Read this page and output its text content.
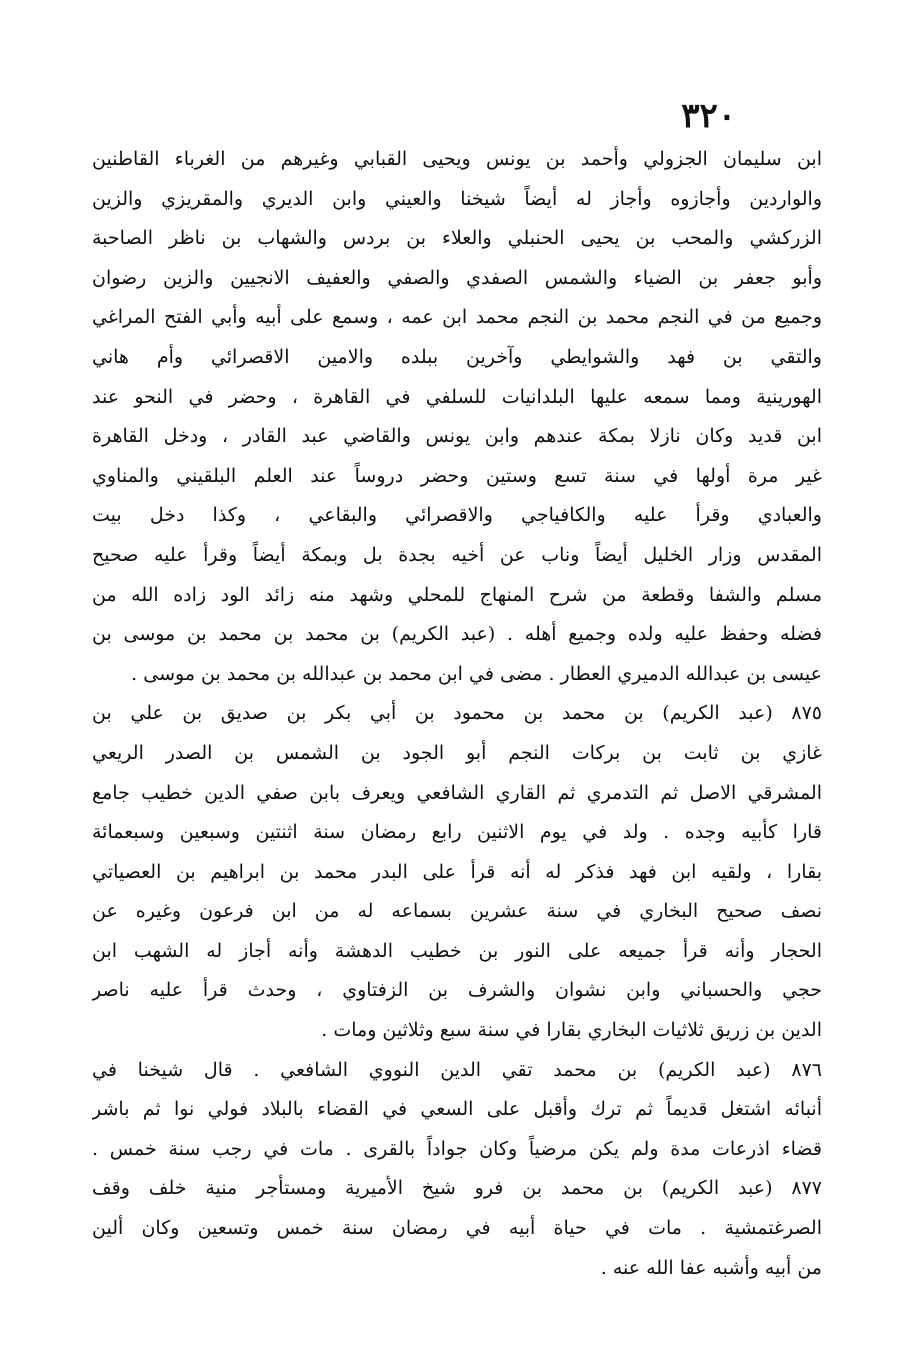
٣٢٠
ابن سليمان الجزولي وأحمد بن يونس ويحيى القبابي وغيرهم من الغرباء القاطنين
والواردين وأجازوه وأجاز له أيضاً شيخنا والعيني وابن الديري والمقريزي والزين
الزركشي والمحب بن يحيى الحنبلي والعلاء بن بردس والشهاب بن ناظر الصاحبة
وأبو جعفر بن الضياء والشمس الصفدي والصفي والعفيف الانجيين والزين رضوان
وجميع من في النجم محمد بن النجم محمد ابن عمه ، وسمع على أبيه وأبي الفتح المراغي
والتقي بن فهد والشوايطي وآخرين ببلده والامين الاقصرائي وأم هاني
الهورينية ومما سمعه عليها البلدانيات للسلفي في القاهرة ، وحضر في النحو عند
ابن قديد وكان نازلا بمكة عندهم وابن يونس والقاضي عبد القادر ، ودخل القاهرة
غير مرة أولها في سنة تسع وستين وحضر دروساً عند العلم البلقيني والمناوي
والعبادي وقرأ عليه والكافياجي والاقصرائي والبقاعي ، وكذا دخل بيت
المقدس وزار الخليل أيضاً وناب عن أخيه بجدة بل وبمكة أيضاً وقرأ عليه صحيح
مسلم والشفا وقطعة من شرح المنهاج للمحلي وشهد منه زائد الود زاده الله من
فضله وحفظ عليه ولده وجميع أهله . (عبد الكريم) بن محمد بن محمد بن موسى بن
عيسى بن عبدالله الدميري العطار . مضى في ابن محمد بن عبدالله بن محمد بن موسى .
٨٧٥ (عبد الكريم) بن محمد بن محمود بن أبي بكر بن صديق بن علي بن
غازي بن ثابت بن بركات النجم أبو الجود بن الشمس بن الصدر الريعي
المشرقي الاصل ثم التدمري ثم القاري الشافعي ويعرف بابن صفي الدين خطيب جامع
قارا كأبيه وجده . ولد في يوم الاثنين رابع رمضان سنة اثنتين وسبعين وسبعمائة
بقارا ، ولقيه ابن فهد فذكر له أنه قرأ على البدر محمد بن ابراهيم بن العصياتي
نصف صحيح البخاري في سنة عشرين بسماعه له من ابن فرعون وغيره عن
الحجار وأنه قرأ جميعه على النور بن خطيب الدهشة وأنه أجاز له الشهب ابن
حجي والحسباني وابن نشوان والشرف بن الزفتاوي ، وحدث قرأ عليه ناصر
الدين بن زريق ثلاثيات البخاري بقارا في سنة سبع وثلاثين ومات .
٨٧٦ (عبد الكريم) بن محمد تقي الدين النووي الشافعي . قال شيخنا في
أنبائه اشتغل قديماً ثم ترك وأقبل على السعي في القضاء بالبلاد فولي نوا ثم باشر
قضاء اذرعات مدة ولم يكن مرضياً وكان جواداً بالقرى . مات في رجب سنة خمس .
٨٧٧ (عبد الكريم) بن محمد بن فرو شيخ الأميرية ومستأجر منية خلف وقف
الصرغتمشية . مات في حياة أبيه في رمضان سنة خمس وتسعين وكان ألين
من أبيه وأشبه عفا الله عنه .
